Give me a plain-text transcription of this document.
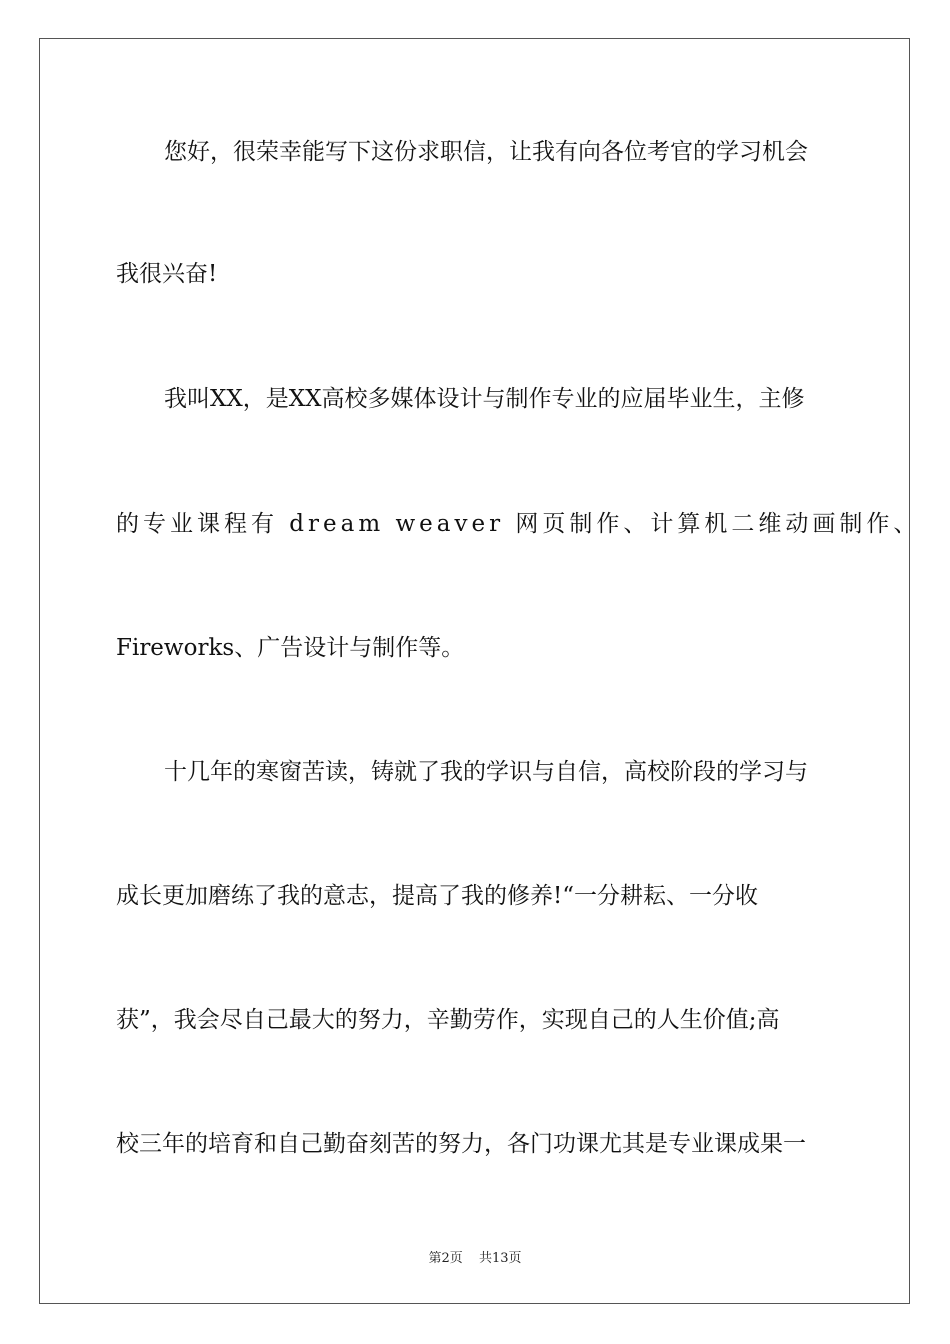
您好，很荣幸能写下这份求职信，让我有向各位考官的学习机会
我很兴奋!
我叫XX，是XX高校多媒体设计与制作专业的应届毕业生，主修
的专业课程有 dream weaver 网页制作、计算机二维动画制作、
Fireworks、广告设计与制作等。
十几年的寒窗苦读，铸就了我的学识与自信，高校阶段的学习与
成长更加磨练了我的意志，提高了我的修养!“一分耕耘、一分收
获”，我会尽自己最大的努力，辛勤劳作，实现自己的人生价值;高
校三年的培育和自己勤奋刻苦的努力，各门功课尤其是专业课成果一
第2页 共13页
